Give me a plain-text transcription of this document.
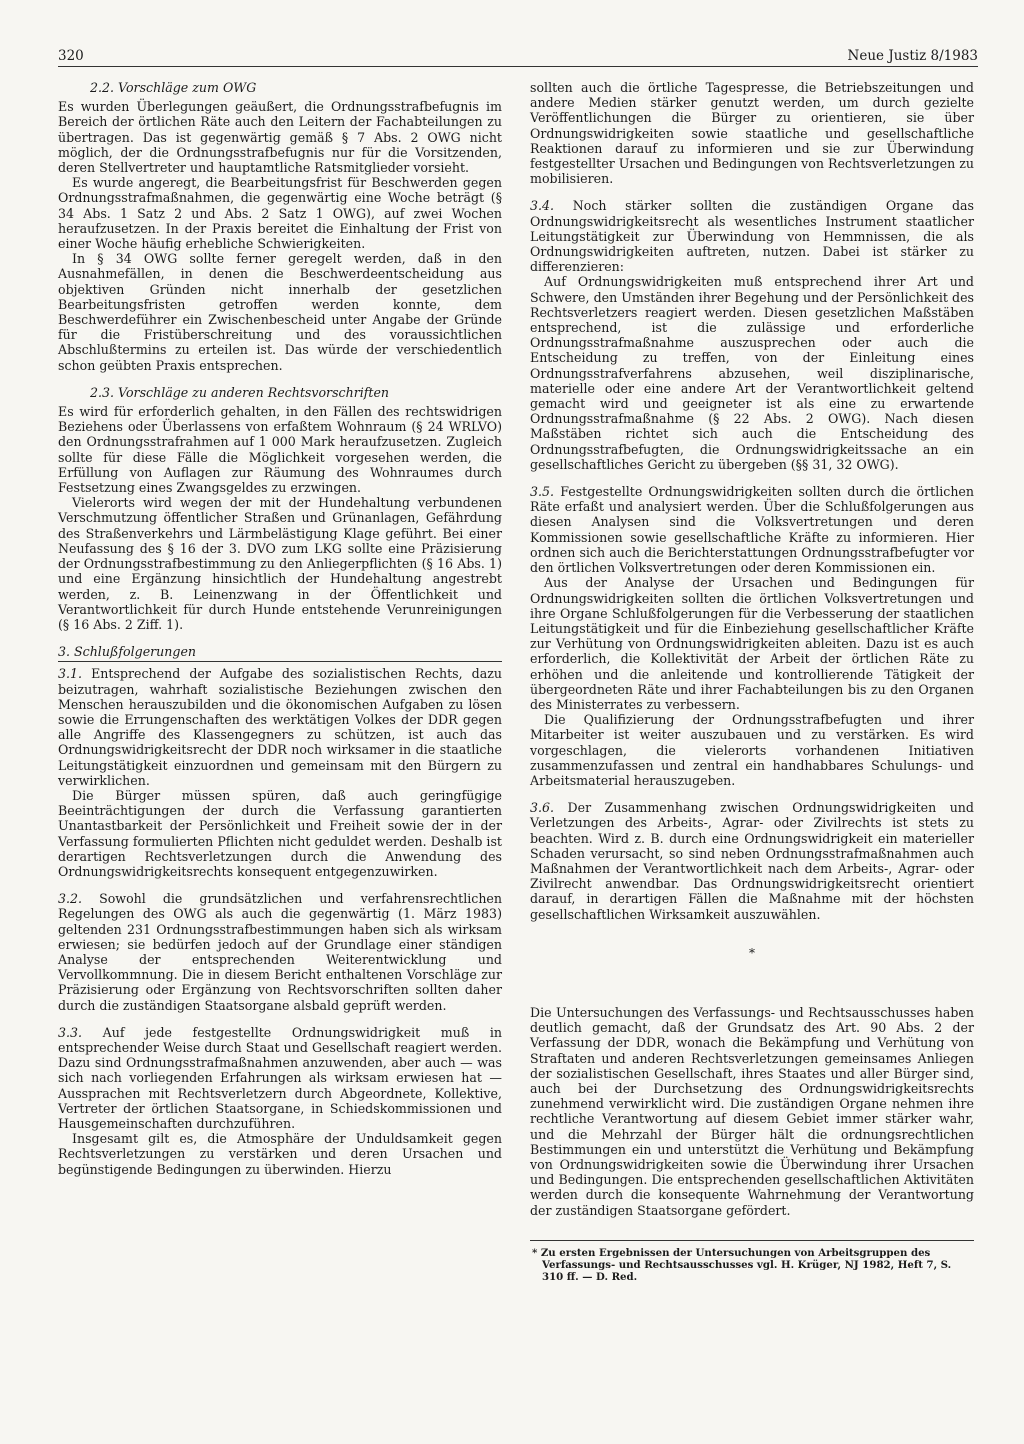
320	Neue Justiz 8/1983
2.2. Vorschläge zum OWG

Es wurden Überlegungen geäußert, die Ordnungsstrafbefugnis im Bereich der örtlichen Räte auch den Leitern der Fachabteilungen zu übertragen. Das ist gegenwärtig gemäß § 7 Abs. 2 OWG nicht möglich, der die Ordnungsstrafbefugnis nur für die Vorsitzenden, deren Stellvertreter und hauptamtliche Ratsmitglieder vorsieht.

Es wurde angeregt, die Bearbeitungsfrist für Beschwerden gegen Ordnungsstrafmaßnahmen, die gegenwärtig eine Woche beträgt (§ 34 Abs. 1 Satz 2 und Abs. 2 Satz 1 OWG), auf zwei Wochen heraufzusetzen. In der Praxis bereitet die Einhaltung der Frist von einer Woche häufig erhebliche Schwierigkeiten.

In § 34 OWG sollte ferner geregelt werden, daß in den Ausnahmefällen, in denen die Beschwerdeentscheidung aus objektiven Gründen nicht innerhalb der gesetzlichen Bearbeitungsfristen getroffen werden konnte, dem Beschwerdeführer ein Zwischenbescheid unter Angabe der Gründe für die Fristüberschreitung und des voraussichtlichen Abschlußtermins zu erteilen ist. Das würde der verschiedentlich schon geübten Praxis entsprechen.

2.3. Vorschläge zu anderen Rechtsvorschriften

Es wird für erforderlich gehalten, in den Fällen des rechtswidrigen Beziehens oder Überlassens von erfaßtem Wohnraum (§ 24 WRLVO) den Ordnungsstrafrahmen auf 1 000 Mark heraufzusetzen. Zugleich sollte für diese Fälle die Möglichkeit vorgesehen werden, die Erfüllung von Auflagen zur Räumung des Wohnraumes durch Festsetzung eines Zwangsgeldes zu erzwingen.

Vielerorts wird wegen der mit der Hundehaltung verbundenen Verschmutzung öffentlicher Straßen und Grünanlagen, Gefährdung des Straßenverkehrs und Lärmbelästigung Klage geführt. Bei einer Neufassung des § 16 der 3. DVO zum LKG sollte eine Präzisierung der Ordnungsstrafbestimmung zu den Anliegerpflichten (§ 16 Abs. 1) und eine Ergänzung hinsichtlich der Hundehaltung angestrebt werden, z. B. Leinenzwang in der Öffentlichkeit und Verantwortlichkeit für durch Hunde entstehende Verunreinigungen (§ 16 Abs. 2 Ziff. 1).

3. Schlußfolgerungen

3.1. Entsprechend der Aufgabe des sozialistischen Rechts, dazu beizutragen, wahrhaft sozialistische Beziehungen zwischen den Menschen herauszubilden und die ökonomischen Aufgaben zu lösen sowie die Errungenschaften des werktätigen Volkes der DDR gegen alle Angriffe des Klassengegners zu schützen, ist auch das Ordnungswidrigkeitsrecht der DDR noch wirksamer in die staatliche Leitungstätigkeit einzuordnen und gemeinsam mit den Bürgern zu verwirklichen.

Die Bürger müssen spüren, daß auch geringfügige Beeinträchtigungen der durch die Verfassung garantierten Unantastbarkeit der Persönlichkeit und Freiheit sowie der in der Verfassung formulierten Pflichten nicht geduldet werden. Deshalb ist derartigen Rechtsverletzungen durch die Anwendung des Ordnungswidrigkeitsrechts konsequent entgegenzuwirken.

3.2. Sowohl die grundsätzlichen und verfahrensrechtlichen Regelungen des OWG als auch die gegenwärtig (1. März 1983) geltenden 231 Ordnungsstrafbestimmungen haben sich als wirksam erwiesen; sie bedürfen jedoch auf der Grundlage einer ständigen Analyse der entsprechenden Weiterentwicklung und Vervollkommnung. Die in diesem Bericht enthaltenen Vorschläge zur Präzisierung oder Ergänzung von Rechtsvorschriften sollten daher durch die zuständigen Staatsorgane alsbald geprüft werden.

3.3. Auf jede festgestellte Ordnungswidrigkeit muß in entsprechender Weise durch Staat und Gesellschaft reagiert werden. Dazu sind Ordnungsstrafmaßnahmen anzuwenden, aber auch — was sich nach vorliegenden Erfahrungen als wirksam erwiesen hat — Aussprachen mit Rechtsverletzern durch Abgeordnete, Kollektive, Vertreter der örtlichen Staatsorgane, in Schiedskommissionen und Hausgemeinschaften durchzuführen.

Insgesamt gilt es, die Atmosphäre der Unduldsamkeit gegen Rechtsverletzungen zu verstärken und deren Ursachen und begünstigende Bedingungen zu überwinden. Hierzu

sollten auch die örtliche Tagespresse, die Betriebszeitungen und andere Medien stärker genutzt werden, um durch gezielte Veröffentlichungen die Bürger zu orientieren, sie über Ordnungswidrigkeiten sowie staatliche und gesellschaftliche Reaktionen darauf zu informieren und sie zur Überwindung festgestellter Ursachen und Bedingungen von Rechtsverletzungen zu mobilisieren.

3.4. Noch stärker sollten die zuständigen Organe das Ordnungswidrigkeitsrecht als wesentliches Instrument staatlicher Leitungstätigkeit zur Überwindung von Hemmnissen, die als Ordnungswidrigkeiten auftreten, nutzen. Dabei ist stärker zu differenzieren:

Auf Ordnungswidrigkeiten muß entsprechend ihrer Art und Schwere, den Umständen ihrer Begehung und der Persönlichkeit des Rechtsverletzers reagiert werden. Diesen gesetzlichen Maßstäben entsprechend, ist die zulässige und erforderliche Ordnungsstrafmaßnahme auszusprechen oder auch die Entscheidung zu treffen, von der Einleitung eines Ordnungsstrafverfahrens abzusehen, weil disziplinarische, materielle oder eine andere Art der Verantwortlichkeit geltend gemacht wird und geeigneter ist als eine zu erwartende Ordnungsstrafmaßnahme (§ 22 Abs. 2 OWG). Nach diesen Maßstäben richtet sich auch die Entscheidung des Ordnungsstrafbefugten, die Ordnungswidrigkeitssache an ein gesellschaftliches Gericht zu übergeben (§§ 31, 32 OWG).

3.5. Festgestellte Ordnungswidrigkeiten sollten durch die örtlichen Räte erfaßt und analysiert werden. Über die Schlußfolgerungen aus diesen Analysen sind die Volksvertretungen und deren Kommissionen sowie gesellschaftliche Kräfte zu informieren. Hier ordnen sich auch die Berichterstattungen Ordnungsstrafbefugter vor den örtlichen Volksvertretungen oder deren Kommissionen ein.

Aus der Analyse der Ursachen und Bedingungen für Ordnungswidrigkeiten sollten die örtlichen Volksvertretungen und ihre Organe Schlußfolgerungen für die Verbesserung der staatlichen Leitungstätigkeit und für die Einbeziehung gesellschaftlicher Kräfte zur Verhütung von Ordnungswidrigkeiten ableiten. Dazu ist es auch erforderlich, die Kollektivität der Arbeit der örtlichen Räte zu erhöhen und die anleitende und kontrollierende Tätigkeit der übergeordneten Räte und ihrer Fachabteilungen bis zu den Organen des Ministerrates zu verbessern.

Die Qualifizierung der Ordnungsstrafbefugten und ihrer Mitarbeiter ist weiter auszubauen und zu verstärken. Es wird vorgeschlagen, die vielerorts vorhandenen Initiativen zusammenzufassen und zentral ein handhabbares Schulungs- und Arbeitsmaterial herauszugeben.

3.6. Der Zusammenhang zwischen Ordnungswidrigkeiten und Verletzungen des Arbeits-, Agrar- oder Zivilrechts ist stets zu beachten. Wird z. B. durch eine Ordnungswidrigkeit ein materieller Schaden verursacht, so sind neben Ordnungsstrafmaßnahmen auch Maßnahmen der Verantwortlichkeit nach dem Arbeits-, Agrar- oder Zivilrecht anwendbar. Das Ordnungswidrigkeitsrecht orientiert darauf, in derartigen Fällen die Maßnahme mit der höchsten gesellschaftlichen Wirksamkeit auszuwählen.

*

Die Untersuchungen des Verfassungs- und Rechtsausschusses haben deutlich gemacht, daß der Grundsatz des Art. 90 Abs. 2 der Verfassung der DDR, wonach die Bekämpfung und Verhütung von Straftaten und anderen Rechtsverletzungen gemeinsames Anliegen der sozialistischen Gesellschaft, ihres Staates und aller Bürger sind, auch bei der Durchsetzung des Ordnungswidrigkeitsrechts zunehmend verwirklicht wird. Die zuständigen Organe nehmen ihre rechtliche Verantwortung auf diesem Gebiet immer stärker wahr, und die Mehrzahl der Bürger hält die ordnungsrechtlichen Bestimmungen ein und unterstützt die Verhütung und Bekämpfung von Ordnungswidrigkeiten sowie die Überwindung ihrer Ursachen und Bedingungen. Die entsprechenden gesellschaftlichen Aktivitäten werden durch die konsequente Wahrnehmung der Verantwortung der zuständigen Staatsorgane gefördert.

* Zu ersten Ergebnissen der Untersuchungen von Arbeitsgruppen des Verfassungs- und Rechtsausschusses vgl. H. Krüger, NJ 1982, Heft 7, S. 310 ff. — D. Red.
